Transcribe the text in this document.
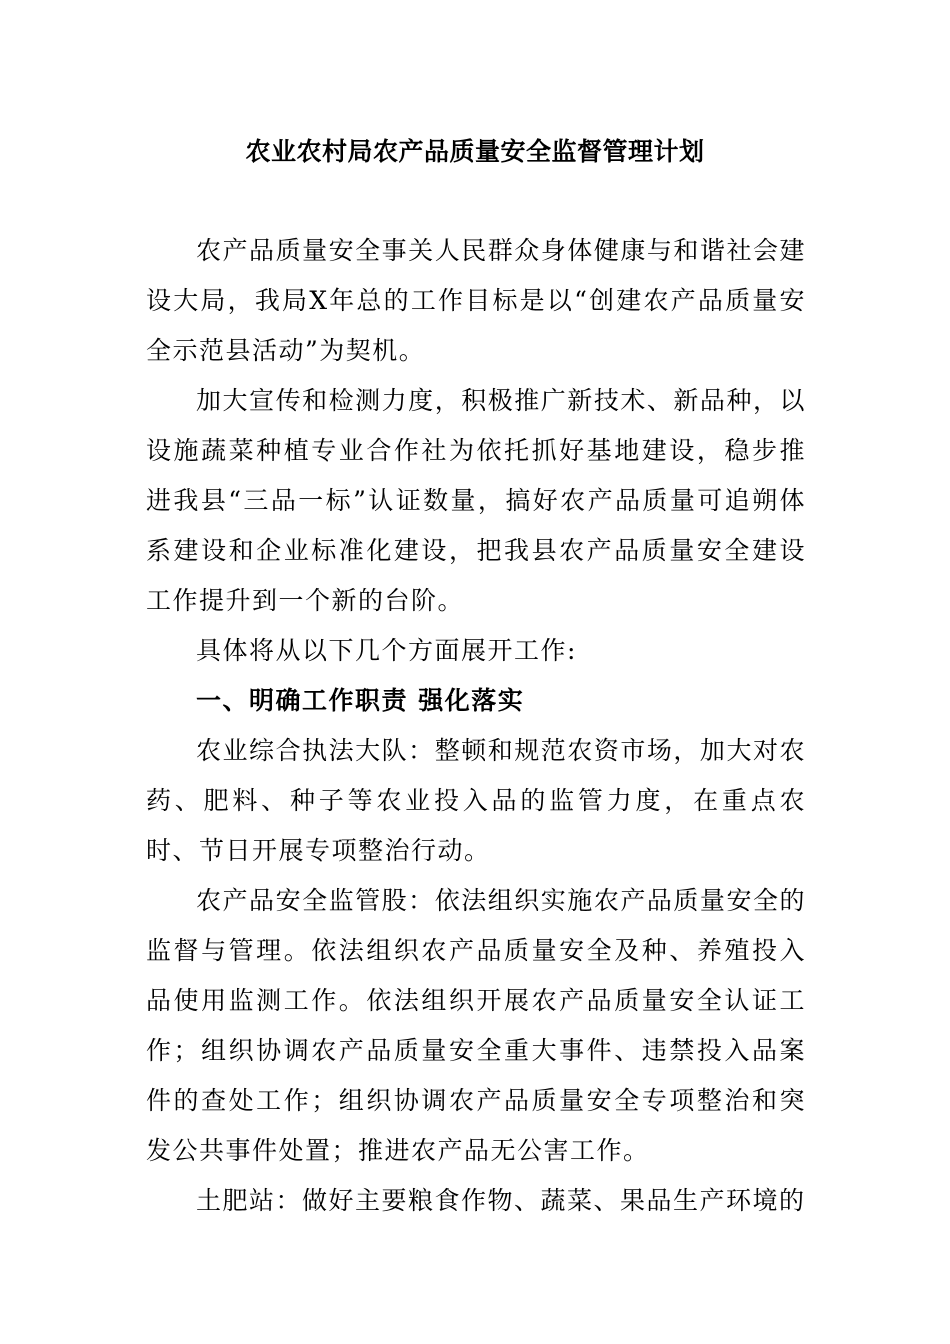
农业农村局农产品质量安全监督管理计划

农产品质量安全事关人民群众身体健康与和谐社会建设大局，我局X年总的工作目标是以“创建农产品质量安全示范县活动”为契机。

加大宣传和检测力度，积极推广新技术、新品种，以设施蔬菜种植专业合作社为依托抓好基地建设，稳步推进我县“三品一标”认证数量，搞好农产品质量可追朔体系建设和企业标准化建设，把我县农产品质量安全建设工作提升到一个新的台阶。

具体将从以下几个方面展开工作:

一、明确工作职责 强化落实

农业综合执法大队：整顿和规范农资市场，加大对农药、肥料、种子等农业投入品的监管力度，在重点农时、节日开展专项整治行动。

农产品安全监管股：依法组织实施农产品质量安全的监督与管理。依法组织农产品质量安全及种、养殖投入品使用监测工作。依法组织开展农产品质量安全认证工作；组织协调农产品质量安全重大事件、违禁投入品案件的查处工作；组织协调农产品质量安全专项整治和突发公共事件处置；推进农产品无公害工作。

土肥站：做好主要粮食作物、蔬菜、果品生产环境的
